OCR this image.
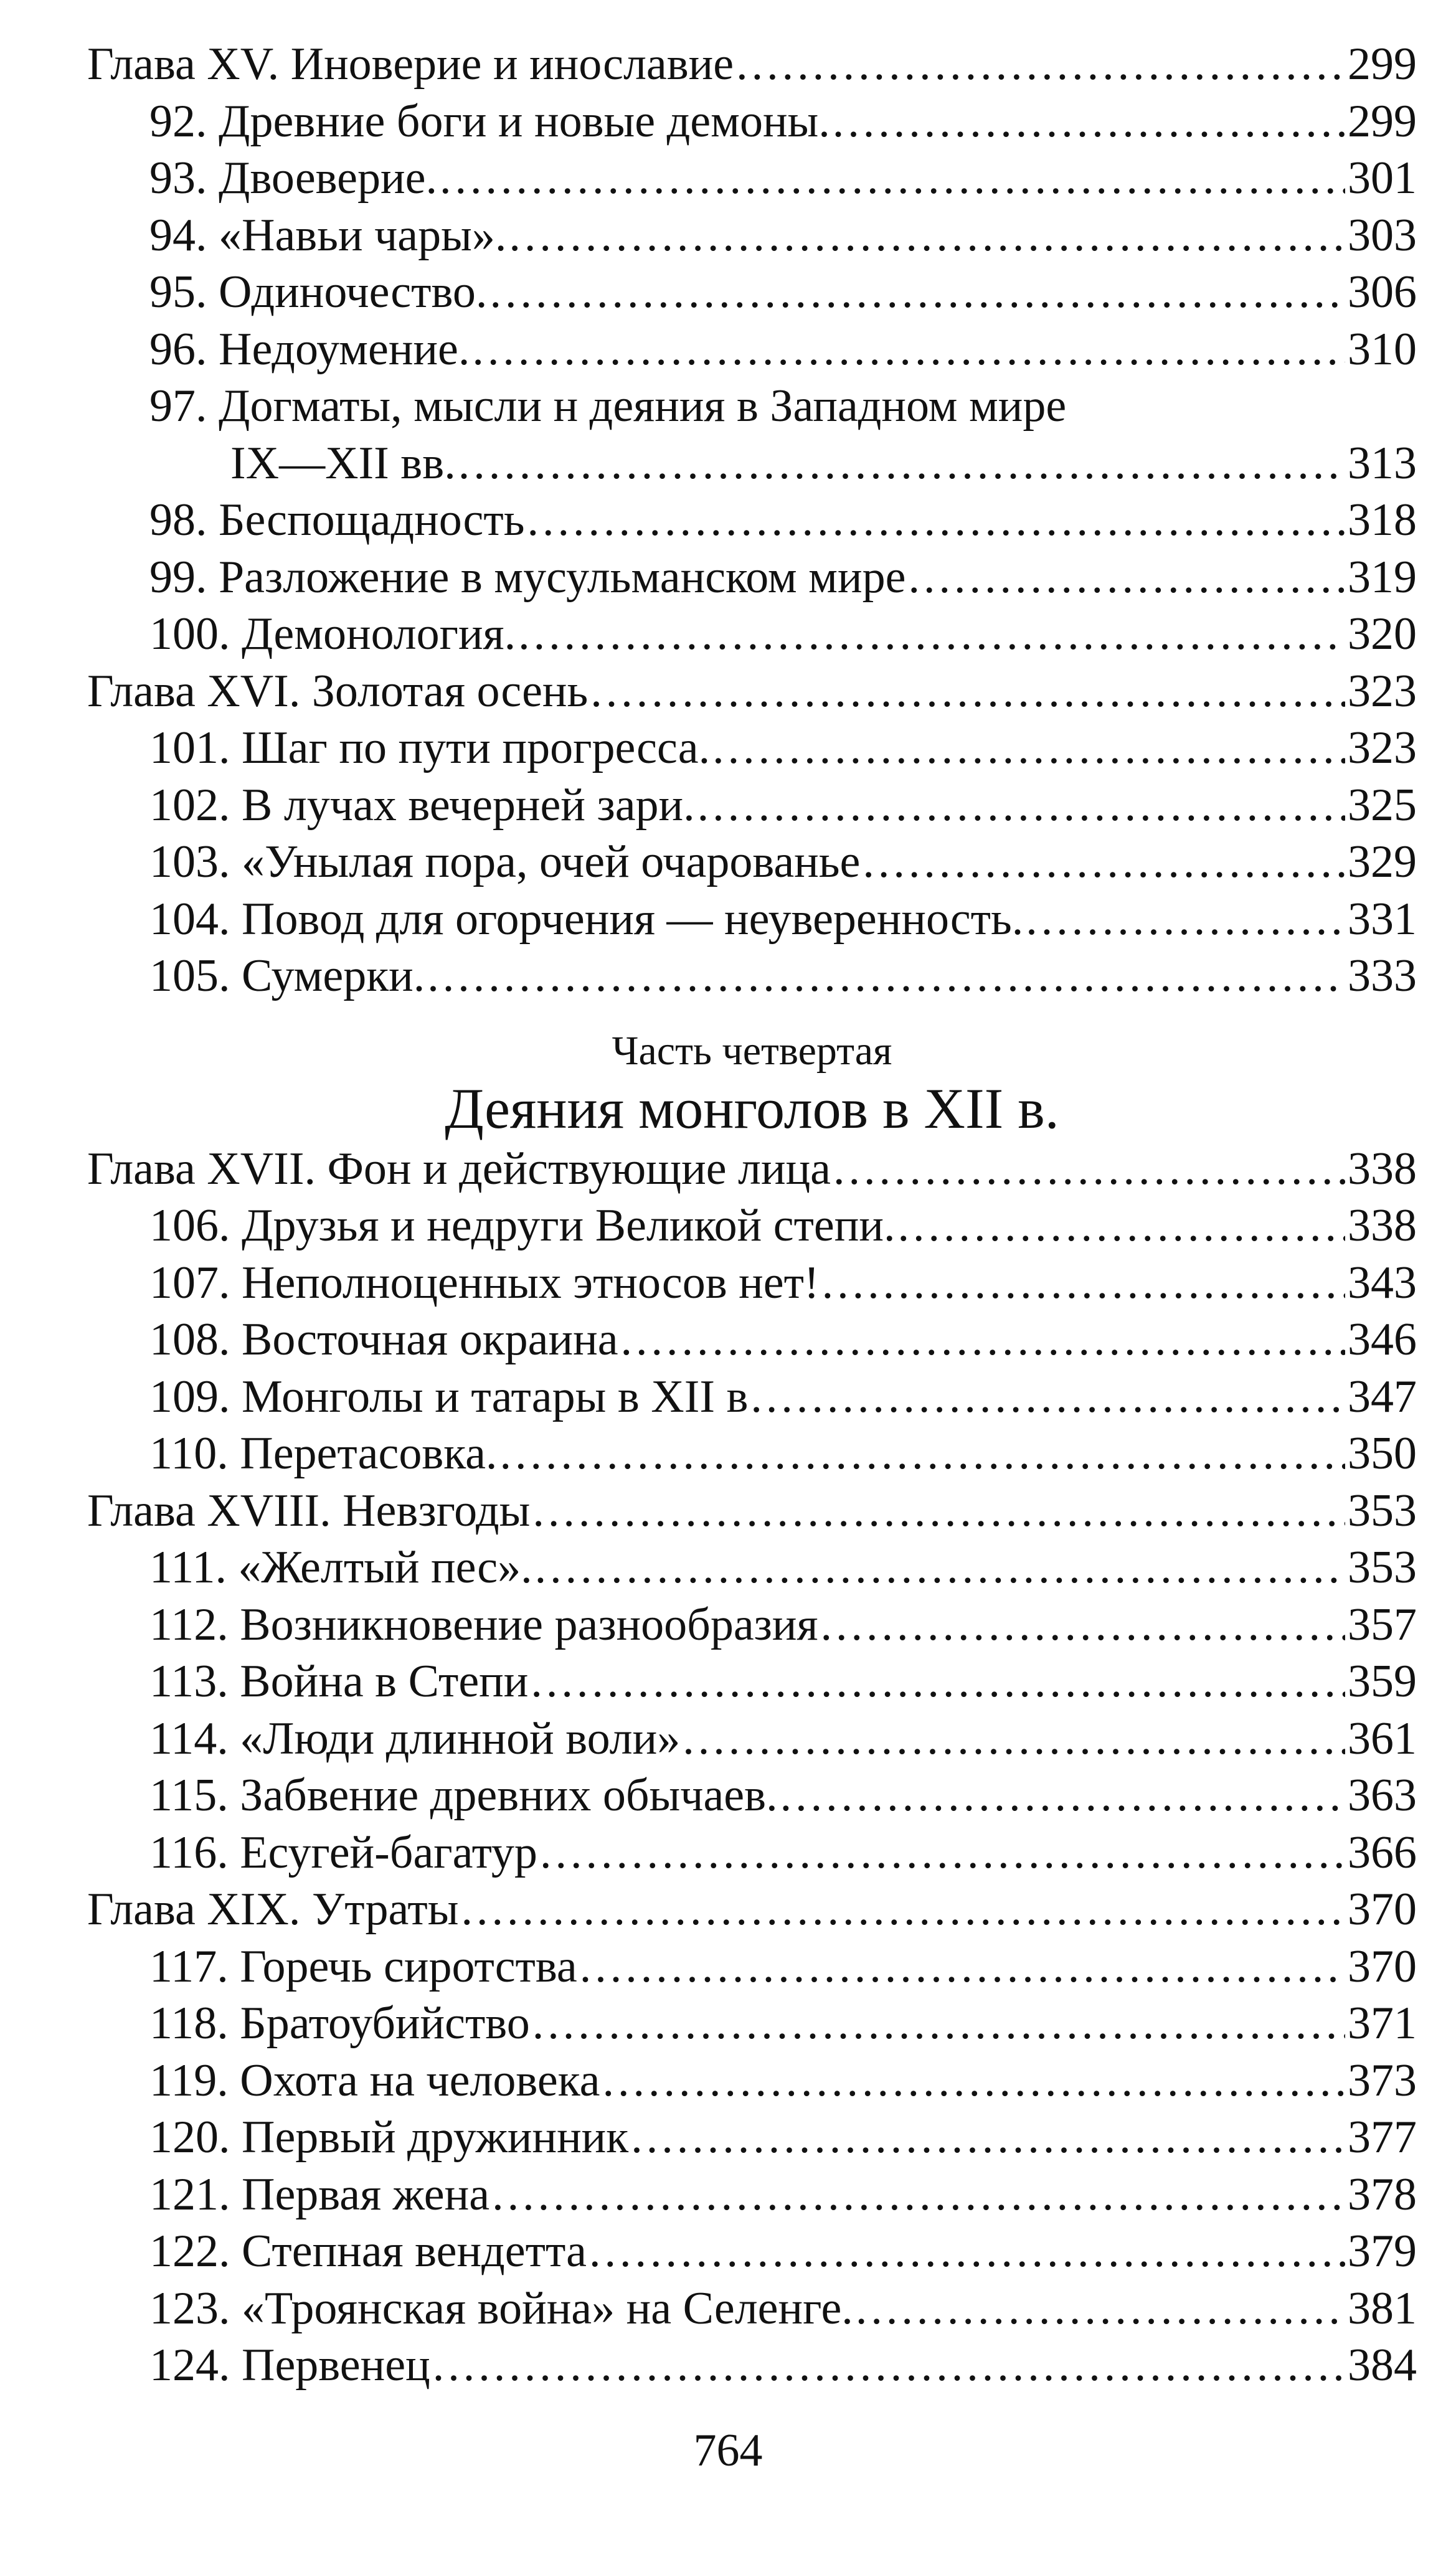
Глава XV. Иноверие и инославие .....	299
92. Древние боги и новые демоны. .....	299
93. Двоеверие. .....	301
94. «Навьи чары». .....	303
95. Одиночество. .....	306
96. Недоумение. .....	310
97. Догматы, мысли н деяния в Западном мире
IX—XII вв. .....	313
98. Беспощадность .....	318
99. Разложение в мусульманском мире .....	319
100. Демонология. .....	320
Глава XVI. Золотая осень .....	323
101. Шаг по пути прогресса. .....	323
102. В лучах вечерней зари. .....	325
103. «Унылая пора, очей очарованье .....	329
104. Повод для огорчения — неуверенность. .....	331
105. Сумерки. .....	333
Часть четвертая
Деяния монголов в XII в.
Глава XVII. Фон и действующие лица .....	338
106. Друзья и недруги Великой степи. .....	338
107. Неполноценных этносов нет! .....	343
108. Восточная окраина .....	346
109. Монголы и татары в XII в .....	347
110. Перетасовка. .....	350
Глава XVIII. Невзгоды .....	353
111. «Желтый пес». .....	353
112. Возникновение разнообразия .....	357
113. Война в Степи .....	359
114. «Люди длинной воли» .....	361
115. Забвение древних обычаев. .....	363
116. Есугей-багатур .....	366
Глава XIX. Утраты .....	370
117. Горечь сиротства .....	370
118. Братоубийство .....	371
119. Охота на человека .....	373
120. Первый дружинник .....	377
121. Первая жена .....	378
122. Степная вендетта .....	379
123. «Троянская война» на Селенге. .....	381
124. Первенец .....	384
764
